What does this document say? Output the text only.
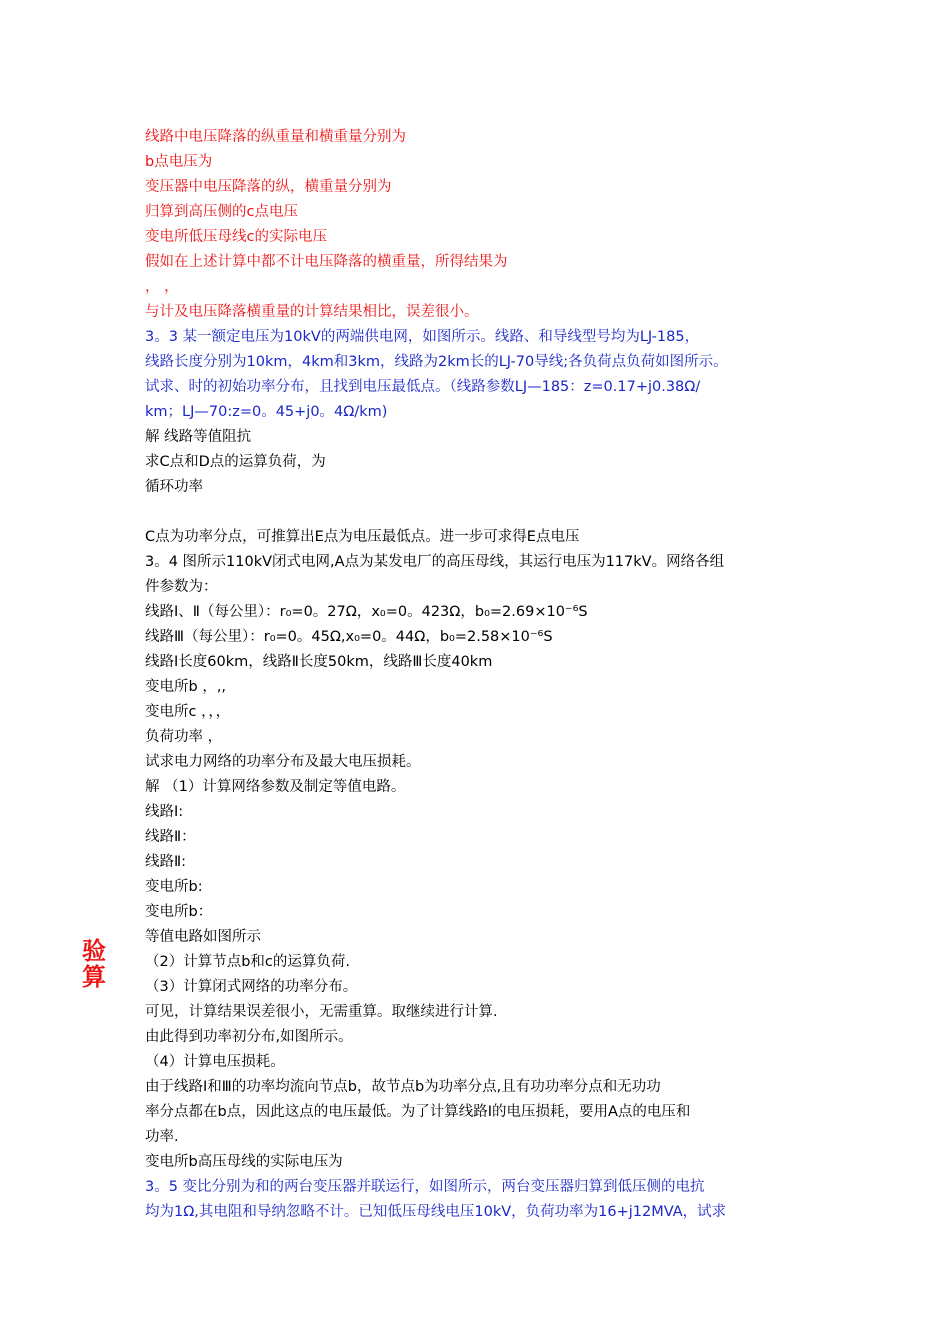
线路中电压降落的纵重量和横重量分别为
b点电压为
变压器中电压降落的纵，横重量分别为
归算到高压侧的c点电压
变电所低压母线c的实际电压
假如在上述计算中都不计电压降落的横重量，所得结果为
， ，
与计及电压降落横重量的计算结果相比，误差很小。
3。3 某一额定电压为10kV的两端供电网，如图所示。线路、和导线型号均为LJ-185，
线路长度分别为10km，4km和3km，线路为2km长的LJ-70导线;各负荷点负荷如图所示。
试求、时的初始功率分布，且找到电压最低点。（线路参数LJ—185：z=0.17+j0.38Ω/
km；LJ—70:z=0。45+j0。4Ω/km)
解 线路等值阻抗
求C点和D点的运算负荷，为
循环功率
C点为功率分点，可推算出E点为电压最低点。进一步可求得E点电压
3。4 图所示110kV闭式电网,A点为某发电厂的高压母线，其运行电压为117kV。网络各组
件参数为：
线路Ⅰ、Ⅱ（每公里）：r₀=0。27Ω，x₀=0。423Ω，b₀=2.69×10⁻⁶S
线路Ⅲ（每公里）：r₀=0。45Ω,x₀=0。44Ω，b₀=2.58×10⁻⁶S
线路Ⅰ长度60km，线路Ⅱ长度50km，线路Ⅲ长度40km
变电所b ，,,
变电所c ，，，
负荷功率 ，
试求电力网络的功率分布及最大电压损耗。
解 （1）计算网络参数及制定等值电路。
线路Ⅰ:
线路Ⅱ：
线路Ⅱ:
变电所b:
变电所b：
等值电路如图所示
（2）计算节点b和c的运算负荷.
（3）计算闭式网络的功率分布。
可见，计算结果误差很小，无需重算。取继续进行计算.
由此得到功率初分布,如图所示。
（4）计算电压损耗。
由于线路Ⅰ和Ⅲ的功率均流向节点b，故节点b为功率分点,且有功功率分点和无功功
率分点都在b点，因此这点的电压最低。为了计算线路Ⅰ的电压损耗，要用A点的电压和
功率.
变电所b高压母线的实际电压为
3。5 变比分别为和的两台变压器并联运行，如图所示，两台变压器归算到低压侧的电抗
均为1Ω,其电阻和导纳忽略不计。已知低压母线电压10kV，负荷功率为16+j12MVA，试求
验算
